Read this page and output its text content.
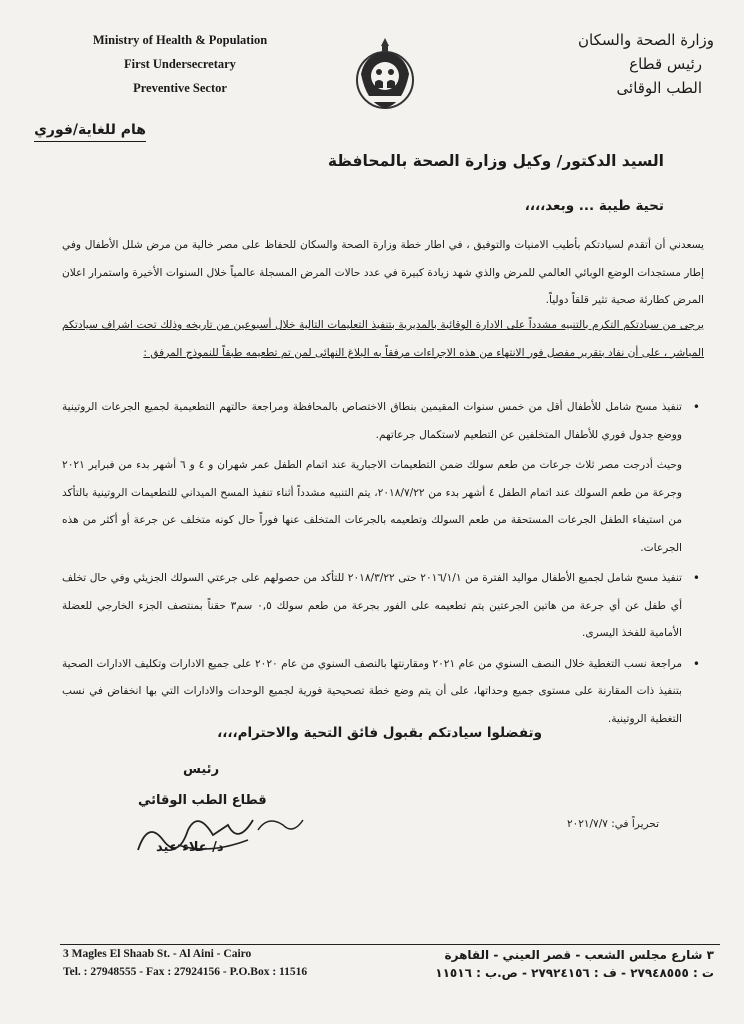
Ministry of Health & Population
First Undersecretary
Preventive Sector
وزارة الصحة والسكان
رئيس قطاع
الطب الوقائى
هام للغاية/فوري
السيد الدكتور/ وكيل وزارة الصحة بالمحافظة
تحية طيبة ... وبعد،،،،
يسعدني أن أتقدم لسيادتكم بأطيب الامنيات والتوفيق ، في اطار خطة وزارة الصحة والسكان للحفاظ على مصر خالية من مرض شلل الأطفال وفي إطار مستجدات الوضع الوبائي العالمي للمرض والذي شهد زيادة كبيرة في عدد حالات المرض المسجلة عالمياً خلال السنوات الأخيرة واستمرار اعلان المرض كطارئة صحية تثير قلقاً دولياً.
يرجى من سيادتكم التكرم بالتنبيه مشدداً على الادارة الوقائية بالمديرية بتنفيذ التعليمات التالية خلال أسبوعين من تاريخه وذلك تحت اشراف سيادتكم المباشر ، على أن نفاد بتقرير مفصل فور الانتهاء من هذه الاجراءات مرفقاً به البلاغ النهائى لمن تم تطعيمه طبقاً للنموذج المرفق :
• تنفيذ مسح شامل للأطفال أقل من خمس سنوات المقيمين بنطاق الاختصاص بالمحافظة ومراجعة حالتهم التطعيمية لجميع الجرعات الروتينية ووضع جدول فوري للأطفال المتخلفين عن التطعيم لاستكمال جرعاتهم.
وحيث أدرجت مصر ثلاث جرعات من طعم سولك ضمن التطعيمات الاجبارية عند اتمام الطفل عمر شهران و ٤ و ٦ أشهر بدء من فبراير ٢٠٢١ وجرعة من طعم السولك عند اتمام الطفل ٤ أشهر بدء من ٢٠١٨/٧/٢٢، يتم التنبيه مشدداً أثناء تنفيذ المسح الميداني للتطعيمات الروتينية بالتأكد من استيفاء الطفل الجرعات المستحقة من طعم السولك وتطعيمه بالجرعات المتخلف عنها فوراً حال كونه متخلف عن جرعة أو أكثر من هذه الجرعات.
• تنفيذ مسح شامل لجميع الأطفال مواليد الفترة من ٢٠١٦/١/١ حتى ٢٠١٨/٣/٢٢ للتأكد من حصولهم على جرعتي السولك الجزيئي وفي حال تخلف أي طفل عن أي جرعة من هاتين الجرعتين يتم تطعيمه على الفور بجرعة من طعم سولك ٠,٥ سم٣ حقناً بمنتصف الجزء الخارجي للعضلة الأمامية للفخذ اليسرى.
• مراجعة نسب التغطية خلال النصف السنوي من عام ٢٠٢١ ومقارنتها بالنصف السنوي من عام ٢٠٢٠ على جميع الادارات وتكليف الادارات الصحية بتنفيذ ذات المقارنة على مستوى جميع وحداتها، على أن يتم وضع خطة تصحيحية فورية لجميع الوحدات والادارات التي بها انخفاض في نسب التغطية الروتينية.
وتفضلوا سيادتكم بقبول فائق التحية والاحترام،،،،
رئيس
قطاع الطب الوقائي
د/ علاء عيد
تحريراً في: ٢٠٢١/٧/٧
3 Magles El Shaab St. - Al Aini - Cairo
Tel. : 27948555 - Fax : 27924156 - P.O.Box : 11516
٣ شارع مجلس الشعب - قصر العيني - القاهرة
ت : ٢٧٩٤٨٥٥٥ - ف : ٢٧٩٢٤١٥٦ - ص.ب : ١١٥١٦
